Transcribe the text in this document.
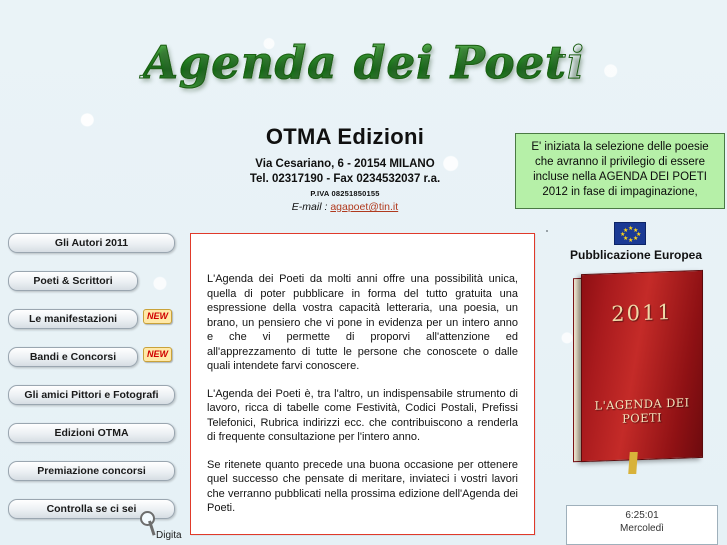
Agenda dei Poeti
OTMA Edizioni
Via Cesariano, 6 - 20154 MILANO
Tel. 02317190 - Fax 0234532037 r.a.
P.IVA 08251850155
E-mail : agapoet@tin.it
E' iniziata la selezione delle poesie che avranno il privilegio di essere incluse nella AGENDA DEI POETI 2012 in fase di impaginazione,
★ ★
★
★
★
★
★
★
Pubblicazione Europea
2011
L'AGENDA DEI POETI
Gli Autori 2011
Poeti & Scrittori
Le manifestazioni	NEW
Bandi e Concorsi	NEW
Gli amici Pittori e Fotografi
Edizioni OTMA
Premiazione concorsi
Controlla se ci sei
Digita

L'Agenda dei Poeti da molti anni offre una possibilità unica, quella di poter pubblicare in forma del tutto gratuita una espressione della vostra capacità letteraria, una poesia, un brano, un pensiero che vi pone in evidenza per un intero anno e che vi permette di proporvi all'attenzione ed all'apprezzamento di tutte le persone che conoscete o dalle quali intendete farvi conoscere.

L'Agenda dei Poeti è, tra l'altro, un indispensabile strumento di lavoro, ricca di tabelle come Festività, Codici Postali, Prefissi Telefonici, Rubrica indirizzi ecc. che contribuiscono a renderla di frequente consultazione per l'intero anno.

Se ritenete quanto precede una buona occasione per ottenere quel successo che pensate di meritare, inviateci i vostri lavori che verranno pubblicati nella prossima edizione dell'Agenda dei Poeti.

6:25:01
Mercoledì
